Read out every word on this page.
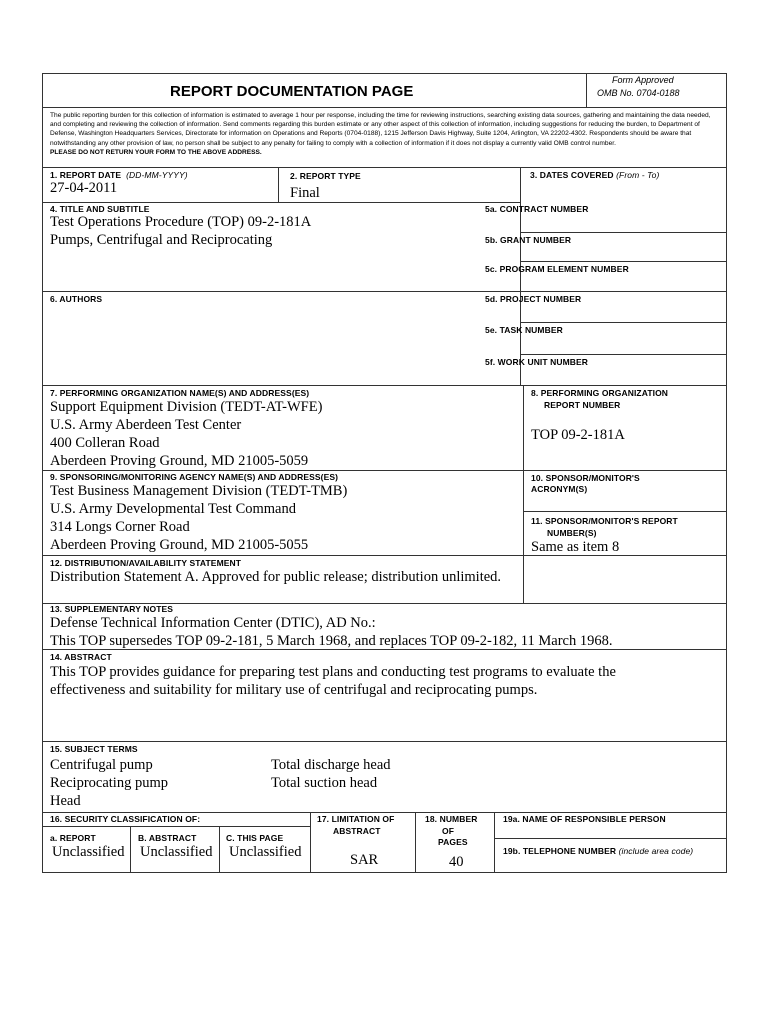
REPORT DOCUMENTATION PAGE
Form Approved
OMB No. 0704-0188
The public reporting burden for this collection of information is estimated to average 1 hour per response, including the time for reviewing instructions, searching existing data sources, gathering and maintaining the data needed, and completing and reviewing the collection of information. Send comments regarding this burden estimate or any other aspect of this collection of information, including suggestions for reducing the burden, to Department of Defense, Washington Headquarters Services, Directorate for information on Operations and Reports (0704-0188), 1215 Jefferson Davis Highway, Suite 1204, Arlington, VA 22202-4302. Respondents should be aware that notwithstanding any other provision of law, no person shall be subject to any penalty for failing to comply with a collection of information if it does not display a currently valid OMB control number.
PLEASE DO NOT RETURN YOUR FORM TO THE ABOVE ADDRESS.
1. REPORT DATE (DD-MM-YYYY)
27-04-2011
2. REPORT TYPE
Final
3. DATES COVERED (From - To)
4. TITLE AND SUBTITLE
Test Operations Procedure (TOP) 09-2-181A
Pumps, Centrifugal and Reciprocating
5a. CONTRACT NUMBER
5b. GRANT NUMBER
5c. PROGRAM ELEMENT NUMBER
6. AUTHORS	5d. PROJECT NUMBER
5e. TASK NUMBER
5f. WORK UNIT NUMBER
7. PERFORMING ORGANIZATION NAME(S) AND ADDRESS(ES)
Support Equipment Division (TEDT-AT-WFE)
U.S. Army Aberdeen Test Center
400 Colleran Road
Aberdeen Proving Ground, MD 21005-5059
8. PERFORMING ORGANIZATION
REPORT NUMBER
TOP 09-2-181A
9. SPONSORING/MONITORING AGENCY NAME(S) AND ADDRESS(ES)
Test Business Management Division (TEDT-TMB)
U.S. Army Developmental Test Command
314 Longs Corner Road
Aberdeen Proving Ground, MD 21005-5055
10. SPONSOR/MONITOR'S
ACRONYM(S)
11. SPONSOR/MONITOR'S REPORT
NUMBER(S)
Same as item 8
12. DISTRIBUTION/AVAILABILITY STATEMENT
Distribution Statement A. Approved for public release; distribution unlimited.
13. SUPPLEMENTARY NOTES
Defense Technical Information Center (DTIC), AD No.:
This TOP supersedes TOP 09-2-181, 5 March 1968, and replaces TOP 09-2-182, 11 March 1968.
14. ABSTRACT
This TOP provides guidance for preparing test plans and conducting test programs to evaluate the
effectiveness and suitability for military use of centrifugal and reciprocating pumps.
15. SUBJECT TERMS
Centrifugal pump
Reciprocating pump
Head
Total discharge head
Total suction head
16. SECURITY CLASSIFICATION OF:
a. REPORT
Unclassified
B. ABSTRACT
Unclassified
C. THIS PAGE
Unclassified
17. LIMITATION OF
ABSTRACT
SAR
18. NUMBER
OF
PAGES
40
19a. NAME OF RESPONSIBLE PERSON
19b. TELEPHONE NUMBER (include area code)
